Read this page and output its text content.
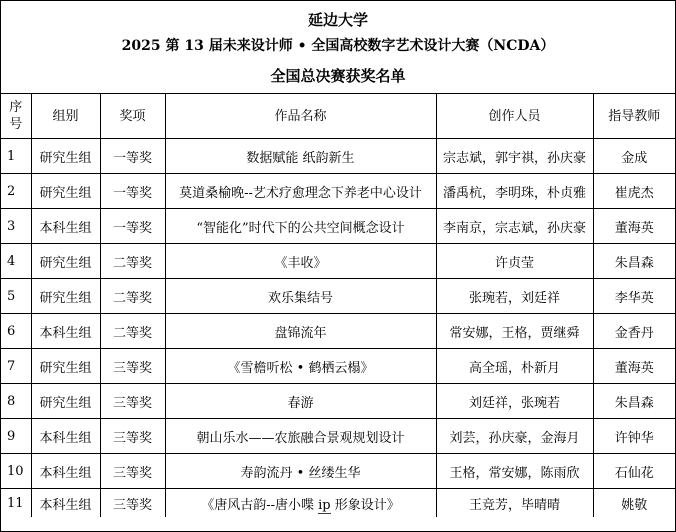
延边大学
2025 第 13 届未来设计师 • 全国高校数字艺术设计大赛（NCDA）
全国总决赛获奖名单
序
号	组别	奖项	作品名称	创作人员	指导教师
1	研究生组	一等奖	数据赋能 纸韵新生	宗志斌，郭宇祺，孙庆豪	金成
2	研究生组	一等奖	莫道桑榆晚--艺术疗愈理念下养老中心设计	潘禹杭，李明珠，朴贞雅	崔虎杰
3	本科生组	一等奖	“智能化”时代下的公共空间概念设计	李南京，宗志斌，孙庆豪	董海英
4	研究生组	二等奖	《丰收》	许贞莹	朱昌森
5	研究生组	二等奖	欢乐集结号	张琬若，刘廷祥	李华英
6	本科生组	二等奖	盘锦流年	常安娜，王格，贾继舜	金香丹
7	研究生组	三等奖	《雪檐听松 • 鹤栖云榻》	高全瑶，朴新月	董海英
8	研究生组	三等奖	春游	刘廷祥，张琬若	朱昌森
9	本科生组	三等奖	朝山乐水——农旅融合景观规划设计	刘芸，孙庆豪，金海月	许钟华
10	本科生组	三等奖	寿韵流丹 • 丝缕生华	王格，常安娜，陈雨欣	石仙花
11	本科生组	三等奖	《唐风古韵--唐小喋 ip 形象设计》	王竞芳，毕晴晴	姚敬
